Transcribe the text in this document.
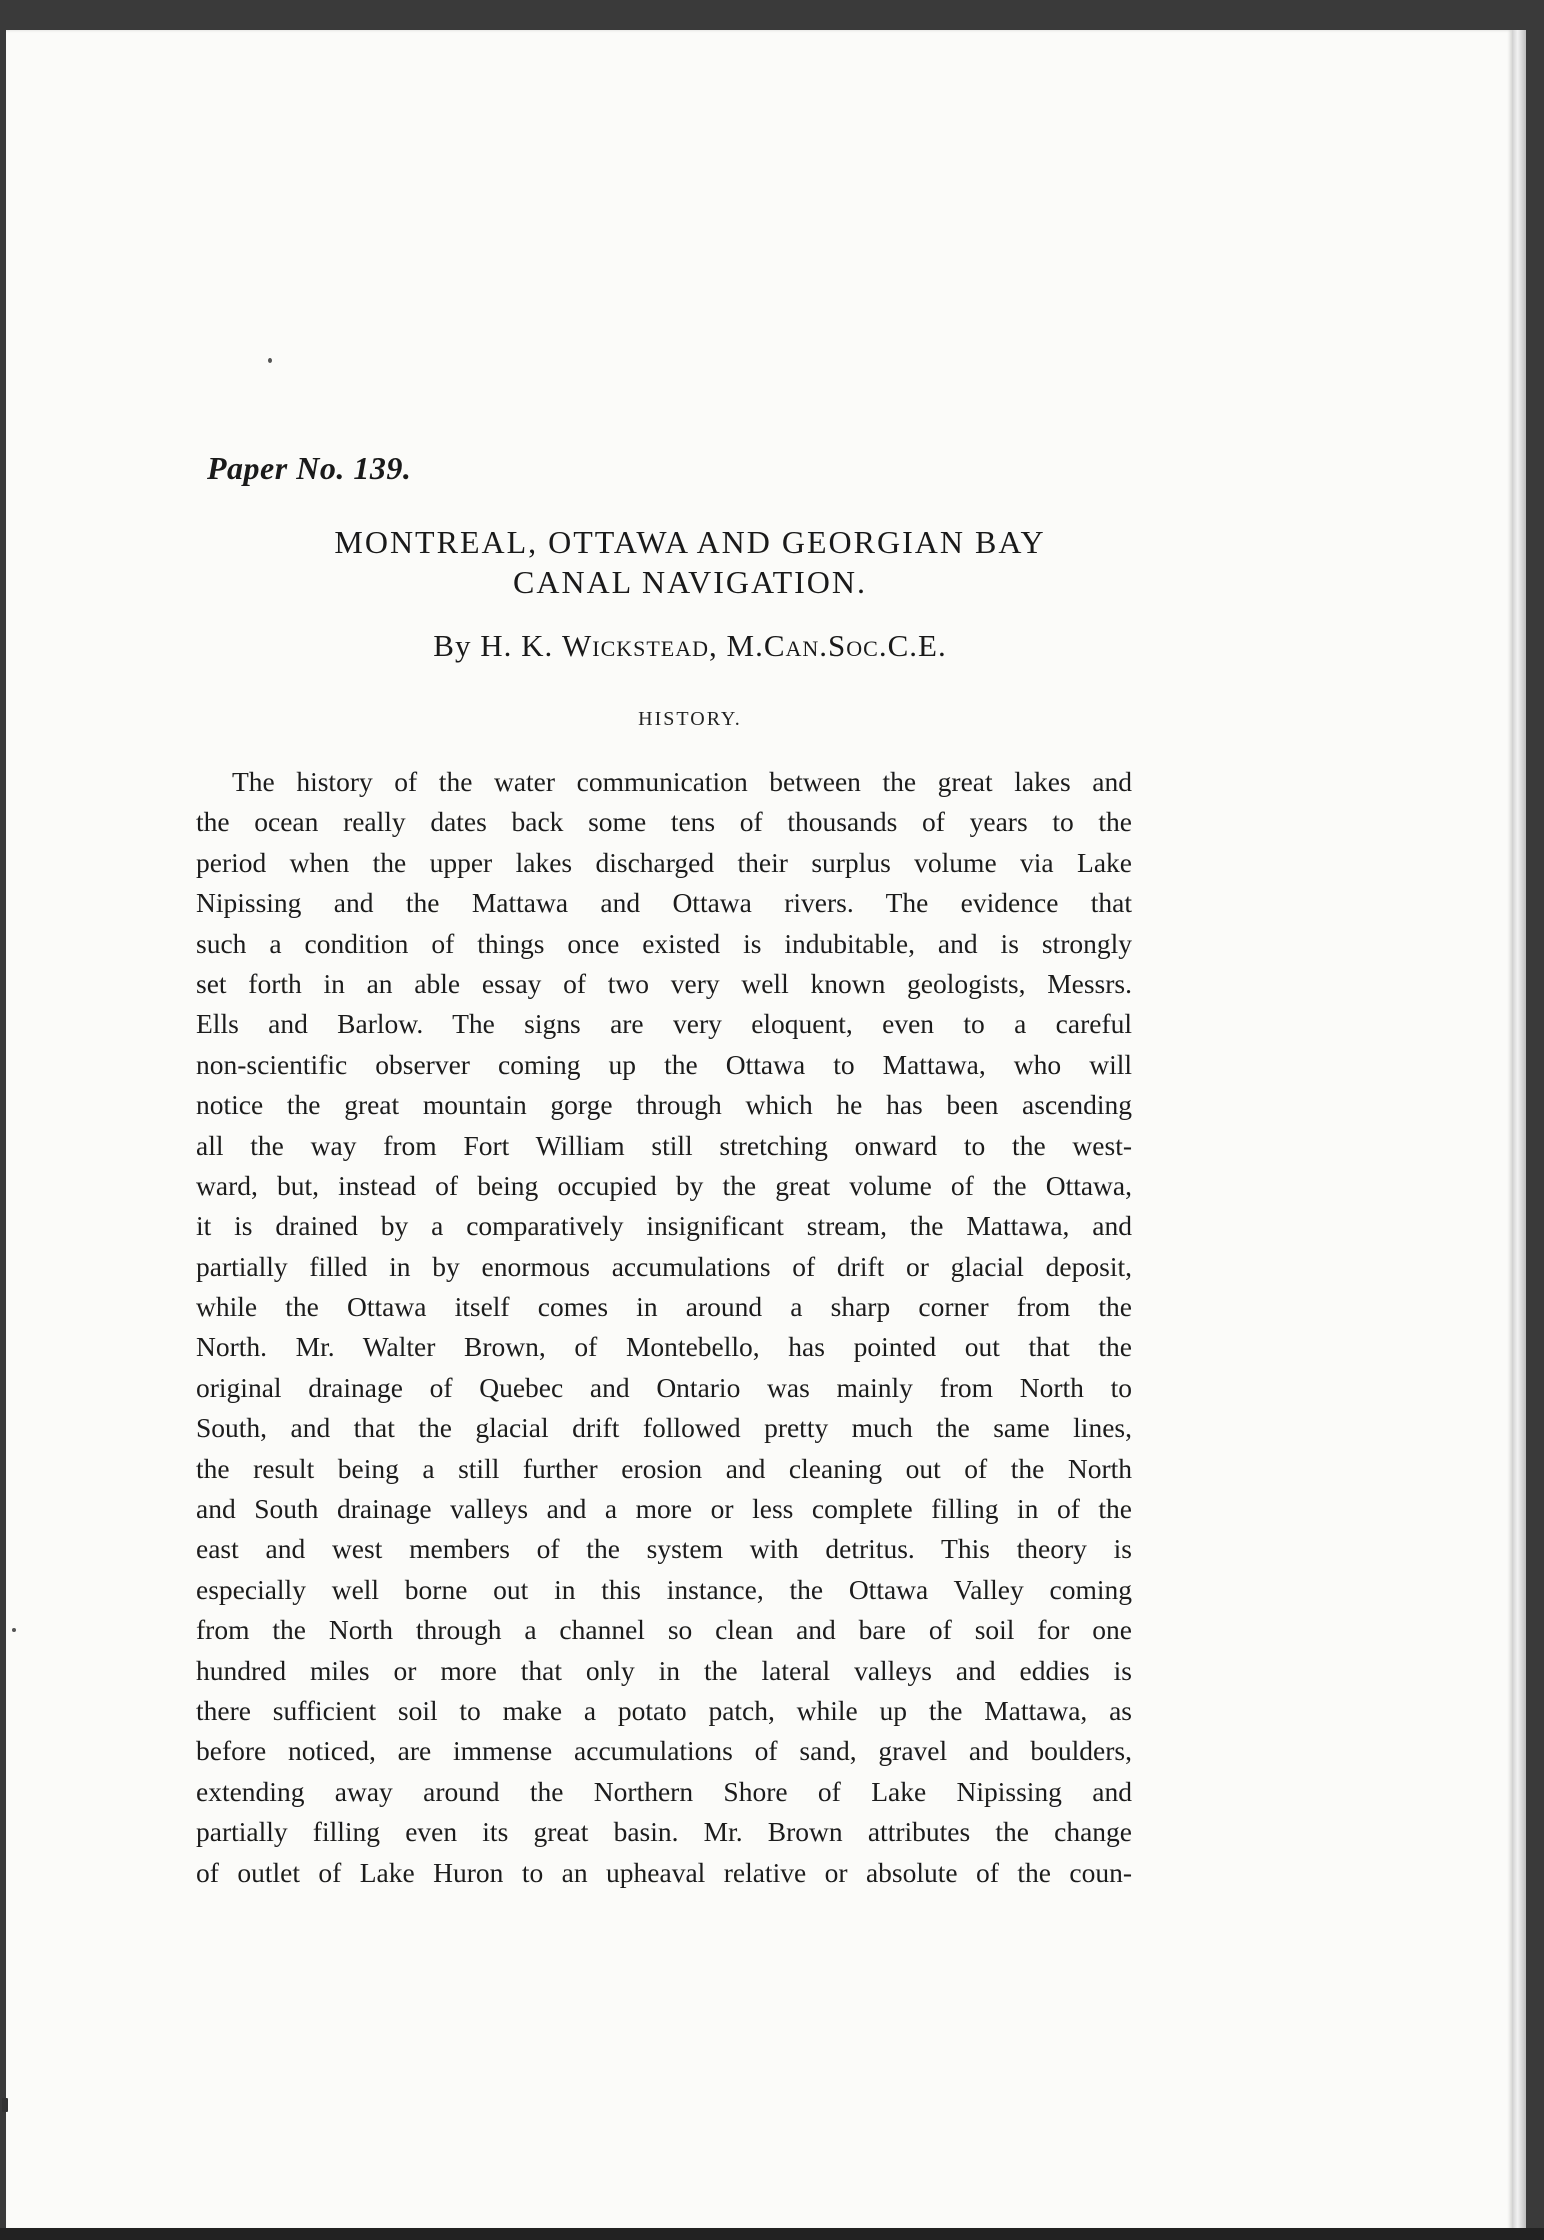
Paper No. 139.
MONTREAL, OTTAWA AND GEORGIAN BAY
CANAL NAVIGATION.
By H. K. Wickstead, M.Can.Soc.C.E.
HISTORY.
The history of the water communication between the great lakes and
the ocean really dates back some tens of thousands of years to the
period when the upper lakes discharged their surplus volume via Lake
Nipissing and the Mattawa and Ottawa rivers. The evidence that
such a condition of things once existed is indubitable, and is strongly
set forth in an able essay of two very well known geologists, Messrs.
Ells and Barlow. The signs are very eloquent, even to a careful
non-scientific observer coming up the Ottawa to Mattawa, who will
notice the great mountain gorge through which he has been ascending
all the way from Fort William still stretching onward to the west-
ward, but, instead of being occupied by the great volume of the Ottawa,
it is drained by a comparatively insignificant stream, the Mattawa, and
partially filled in by enormous accumulations of drift or glacial deposit,
while the Ottawa itself comes in around a sharp corner from the
North. Mr. Walter Brown, of Montebello, has pointed out that the
original drainage of Quebec and Ontario was mainly from North to
South, and that the glacial drift followed pretty much the same lines,
the result being a still further erosion and cleaning out of the North
and South drainage valleys and a more or less complete filling in of the
east and west members of the system with detritus. This theory is
especially well borne out in this instance, the Ottawa Valley coming
from the North through a channel so clean and bare of soil for one
hundred miles or more that only in the lateral valleys and eddies is
there sufficient soil to make a potato patch, while up the Mattawa, as
before noticed, are immense accumulations of sand, gravel and boulders,
extending away around the Northern Shore of Lake Nipissing and
partially filling even its great basin. Mr. Brown attributes the change
of outlet of Lake Huron to an upheaval relative or absolute of the coun-
